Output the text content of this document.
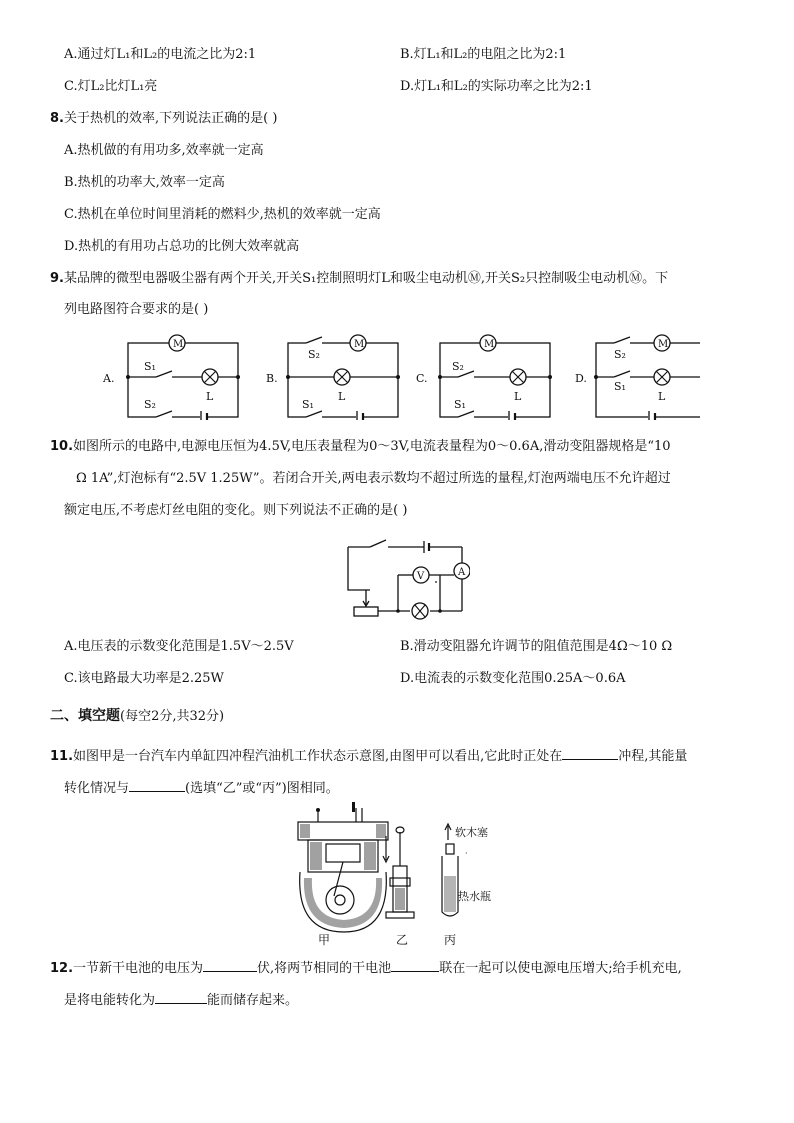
A.通过灯L₁和L₂的电流之比为2:1	B.灯L₁和L₂的电阻之比为2:1
C.灯L₂比灯L₁亮	D.灯L₁和L₂的实际功率之比为2:1
8.关于热机的效率,下列说法正确的是( )
A.热机做的有用功多,效率就一定高
B.热机的功率大,效率一定高
C.热机在单位时间里消耗的燃料少,热机的效率就一定高
D.热机的有用功占总功的比例大效率就高
9.某品牌的微型电器吸尘器有两个开关,开关S₁控制照明灯L和吸尘电动机Ⓜ,开关S₂只控制吸尘电动机Ⓜ。下
列电路图符合要求的是( )
M	M	M	M
A.	B.	C.	D.
S₁
S₂
L
S₂
S₁
L
S₂
S₁
L
S₂
S₁
L
10.如图所示的电路中,电源电压恒为4.5V,电压表量程为0～3V,电流表量程为0～0.6A,滑动变阻器规格是“10
Ω 1A”,灯泡标有“2.5V 1.25W”。若闭合开关,两电表示数均不超过所选的量程,灯泡两端电压不允许超过
额定电压,不考虑灯丝电阻的变化。则下列说法不正确的是( )
V	A
A.电压表的示数变化范围是1.5V～2.5V	B.滑动变阻器允许调节的阻值范围是4Ω～10 Ω
C.该电路最大功率是2.25W	D.电流表的示数变化范围0.25A～0.6A
二、填空题(每空2分,共32分)
11.如图甲是一台汽车内单缸四冲程汽油机工作状态示意图,由图甲可以看出,它此时正处在	冲程,其能量
转化情况与	(选填“乙”或“丙”)图相同。
软木塞
·
热水瓶
甲	乙	丙
12.一节新干电池的电压为	伏,将两节相同的干电池	联在一起可以使电源电压增大;给手机充电,
是将电能转化为	能而储存起来。
